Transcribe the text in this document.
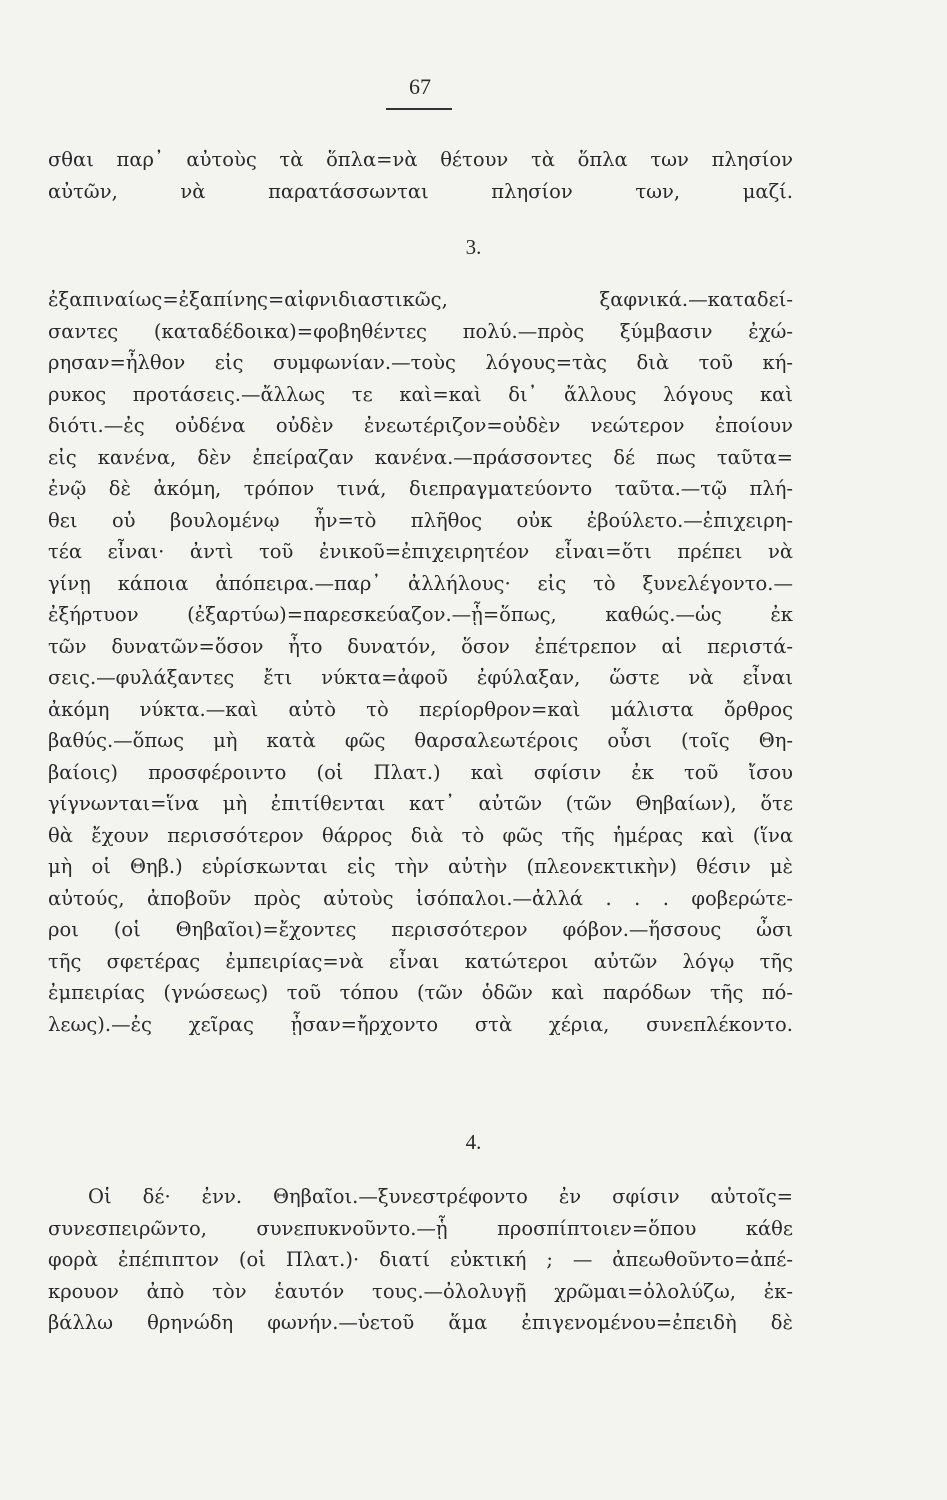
67
σθαι παρ᾽ αὐτοὺς τὰ ὅπλα=νὰ θέτουν τὰ ὅπλα των πλησίον
αὐτῶν, νὰ παρατάσσωνται πλησίον των, μαζί.
3.
ἐξαπιναίως=ἐξαπίνης=αἰφνιδιαστικῶς, ξαφνικά.—καταδεί-
σαντες (καταδέδοικα)=φοβηθέντες πολύ.—πρὸς ξύμβασιν ἐχώ-
ρησαν=ἦλθον εἰς συμφωνίαν.—τοὺς λόγους=τὰς διὰ τοῦ κή-
ρυκος προτάσεις.—ἄλλως τε καὶ=καὶ δι᾽ ἄλλους λόγους καὶ
διότι.—ἐς οὐδένα οὐδὲν ἐνεωτέριζον=οὐδὲν νεώτερον ἐποίουν
εἰς κανένα, δὲν ἐπείραζαν κανένα.—πράσσοντες δέ πως ταῦτα=
ἐνῷ δὲ ἀκόμη, τρόπον τινά, διεπραγματεύοντο ταῦτα.—τῷ πλή-
θει οὐ βουλομένῳ ἦν=τὸ πλῆθος οὐκ ἐβούλετο.—ἐπιχειρη-
τέα εἶναι· ἀντὶ τοῦ ἐνικοῦ=ἐπιχειρητέον εἶναι=ὅτι πρέπει νὰ
γίνῃ κάποια ἀπόπειρα.—παρ᾽ ἀλλήλους· εἰς τὸ ξυνελέγοντο.—
ἐξήρτυον (ἐξαρτύω)=παρεσκεύαζον.—ᾗ=ὅπως, καθώς.—ὡς ἐκ
τῶν δυνατῶν=ὅσον ἦτο δυνατόν, ὅσον ἐπέτρεπον αἱ περιστά-
σεις.—φυλάξαντες ἔτι νύκτα=ἀφοῦ ἐφύλαξαν, ὥστε νὰ εἶναι
ἀκόμη νύκτα.—καὶ αὐτὸ τὸ περίορθρον=καὶ μάλιστα ὄρθρος
βαθύς.—ὅπως μὴ κατὰ φῶς θαρσαλεωτέροις οὖσι (τοῖς Θη-
βαίοις) προσφέροιντο (οἱ Πλατ.) καὶ σφίσιν ἐκ τοῦ ἴσου
γίγνωνται=ἵνα μὴ ἐπιτίθενται κατ᾽ αὐτῶν (τῶν Θηβαίων), ὅτε
θὰ ἔχουν περισσότερον θάρρος διὰ τὸ φῶς τῆς ἡμέρας καὶ (ἵνα
μὴ οἱ Θηβ.) εὑρίσκωνται εἰς τὴν αὐτὴν (πλεονεκτικὴν) θέσιν μὲ
αὐτούς, ἀποβοῦν πρὸς αὐτοὺς ἰσόπαλοι.—ἀλλά . . . φοβερώτε-
ροι (οἱ Θηβαῖοι)=ἔχοντες περισσότερον φόβον.—ἥσσους ὦσι
τῆς σφετέρας ἐμπειρίας=νὰ εἶναι κατώτεροι αὐτῶν λόγῳ τῆς
ἐμπειρίας (γνώσεως) τοῦ τόπου (τῶν ὁδῶν καὶ παρόδων τῆς πό-
λεως).—ἐς χεῖρας ᾖσαν=ἤρχοντο στὰ χέρια, συνεπλέκοντο.
4.
Οἱ δέ· ἐνν. Θηβαῖοι.—ξυνεστρέφοντο ἐν σφίσιν αὐτοῖς=
συνεσπειρῶντο, συνεπυκνοῦντο.—ᾗ προσπίπτοιεν=ὅπου κάθε
φορὰ ἐπέπιπτον (οἱ Πλατ.)· διατί εὐκτική ; — ἀπεωθοῦντο=ἀπέ-
κρουον ἀπὸ τὸν ἑαυτόν τους.—ὀλολυγῇ χρῶμαι=ὀλολύζω, ἐκ-
βάλλω θρηνώδη φωνήν.—ὑετοῦ ἅμα ἐπιγενομένου=ἐπειδὴ δὲ
